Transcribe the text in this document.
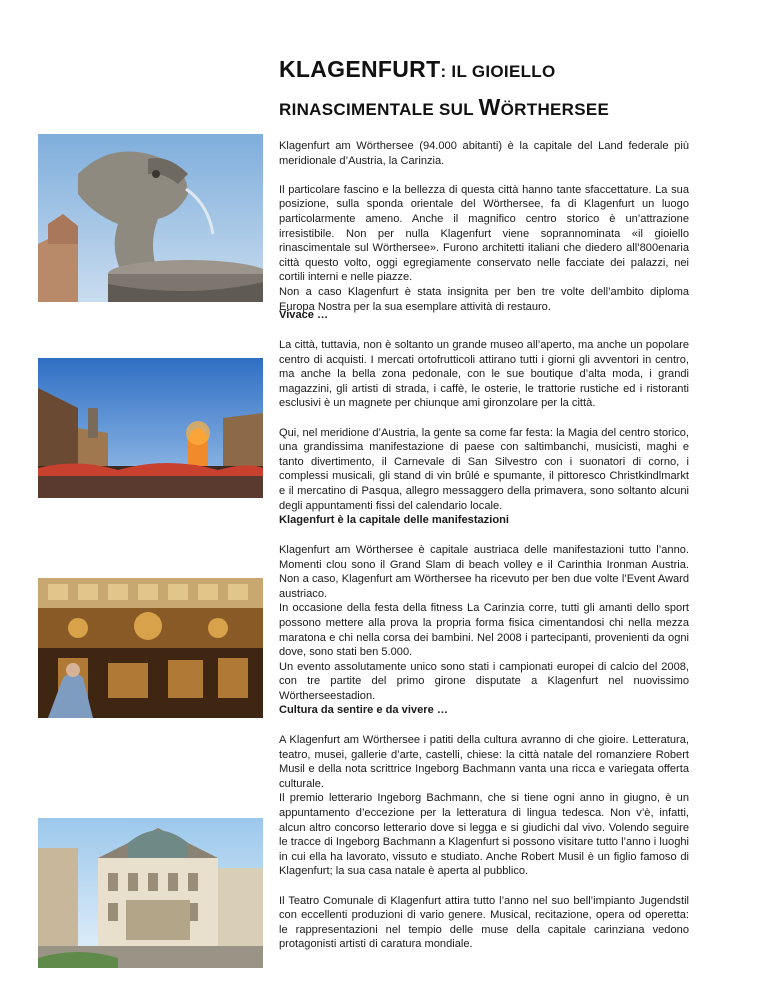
KLAGENFURT: IL GIOIELLO
RINASCIMENTALE SUL WÖRTHERSEE

Klagenfurt am Wörthersee (94.000 abitanti) è la capitale del Land federale più meridionale d’Austria, la Carinzia.

Il particolare fascino e la bellezza di questa città hanno tante sfaccettature. La sua posizione, sulla sponda orientale del Wörthersee, fa di Klagenfurt un luogo particolarmente ameno. Anche il magnifico centro storico è un’attrazione irresistibile. Non per nulla Klagenfurt viene soprannominata «il gioiello rinascimentale sul Wörthersee». Furono architetti italiani che diedero all’800enaria città questo volto, oggi egregiamente conservato nelle facciate dei palazzi, nei cortili interni e nelle piazze.

Non a caso Klagenfurt è stata insignita per ben tre volte dell’ambito diploma Europa Nostra per la sua esemplare attività di restauro.

Vivace …

La città, tuttavia, non è soltanto un grande museo all’aperto, ma anche un popolare centro di acquisti. I mercati ortofrutticoli attirano tutti i giorni gli avventori in centro, ma anche la bella zona pedonale, con le sue boutique d’alta moda, i grandi magazzini, gli artisti di strada, i caffè, le osterie, le trattorie rustiche ed i ristoranti esclusivi è un magnete per chiunque ami gironzolare per la città.

Qui, nel meridione d’Austria, la gente sa come far festa: la Magia del centro storico, una grandissima manifestazione di paese con saltimbanchi, musicisti, maghi e tanto divertimento, il Carnevale di San Silvestro con i suonatori di corno, i complessi musicali, gli stand di vin brûlé e spumante, il pittoresco Christkindlmarkt e il mercatino di Pasqua, allegro messaggero della primavera, sono soltanto alcuni degli appuntamenti fissi del calendario locale.

Klagenfurt è la capitale delle manifestazioni

Klagenfurt am Wörthersee è capitale austriaca delle manifestazioni tutto l’anno. Momenti clou sono il Grand Slam di beach volley e il Carinthia Ironman Austria. Non a caso, Klagenfurt am Wörthersee ha ricevuto per ben due volte l’Event Award austriaco.

In occasione della festa della fitness La Carinzia corre, tutti gli amanti dello sport possono mettere alla prova la propria forma fisica cimentandosi chi nella mezza maratona e chi nella corsa dei bambini. Nel 2008 i partecipanti, provenienti da ogni dove, sono stati ben 5.000.

Un evento assolutamente unico sono stati i campionati europei di calcio del 2008, con tre partite del primo girone disputate a Klagenfurt nel nuovissimo Wörtherseestadion.

Cultura da sentire e da vivere …

A Klagenfurt am Wörthersee i patiti della cultura avranno di che gioire. Letteratura, teatro, musei, gallerie d’arte, castelli, chiese: la città natale del romanziere Robert Musil e della nota scrittrice Ingeborg Bachmann vanta una ricca e variegata offerta culturale.

Il premio letterario Ingeborg Bachmann, che si tiene ogni anno in giugno, è un appuntamento d’eccezione per la letteratura di lingua tedesca. Non v’è, infatti, alcun altro concorso letterario dove si legga e si giudichi dal vivo. Volendo seguire le tracce di Ingeborg Bachmann a Klagenfurt si possono visitare tutto l’anno i luoghi in cui ella ha lavorato, vissuto e studiato. Anche Robert Musil è un figlio famoso di Klagenfurt; la sua casa natale è aperta al pubblico.

Il Teatro Comunale di Klagenfurt attira tutto l’anno nel suo bell’impianto Jugendstil con eccellenti produzioni di vario genere. Musical, recitazione, opera od operetta: le rappresentazioni nel tempio delle muse della capitale carinziana vedono protagonisti artisti di caratura mondiale.
